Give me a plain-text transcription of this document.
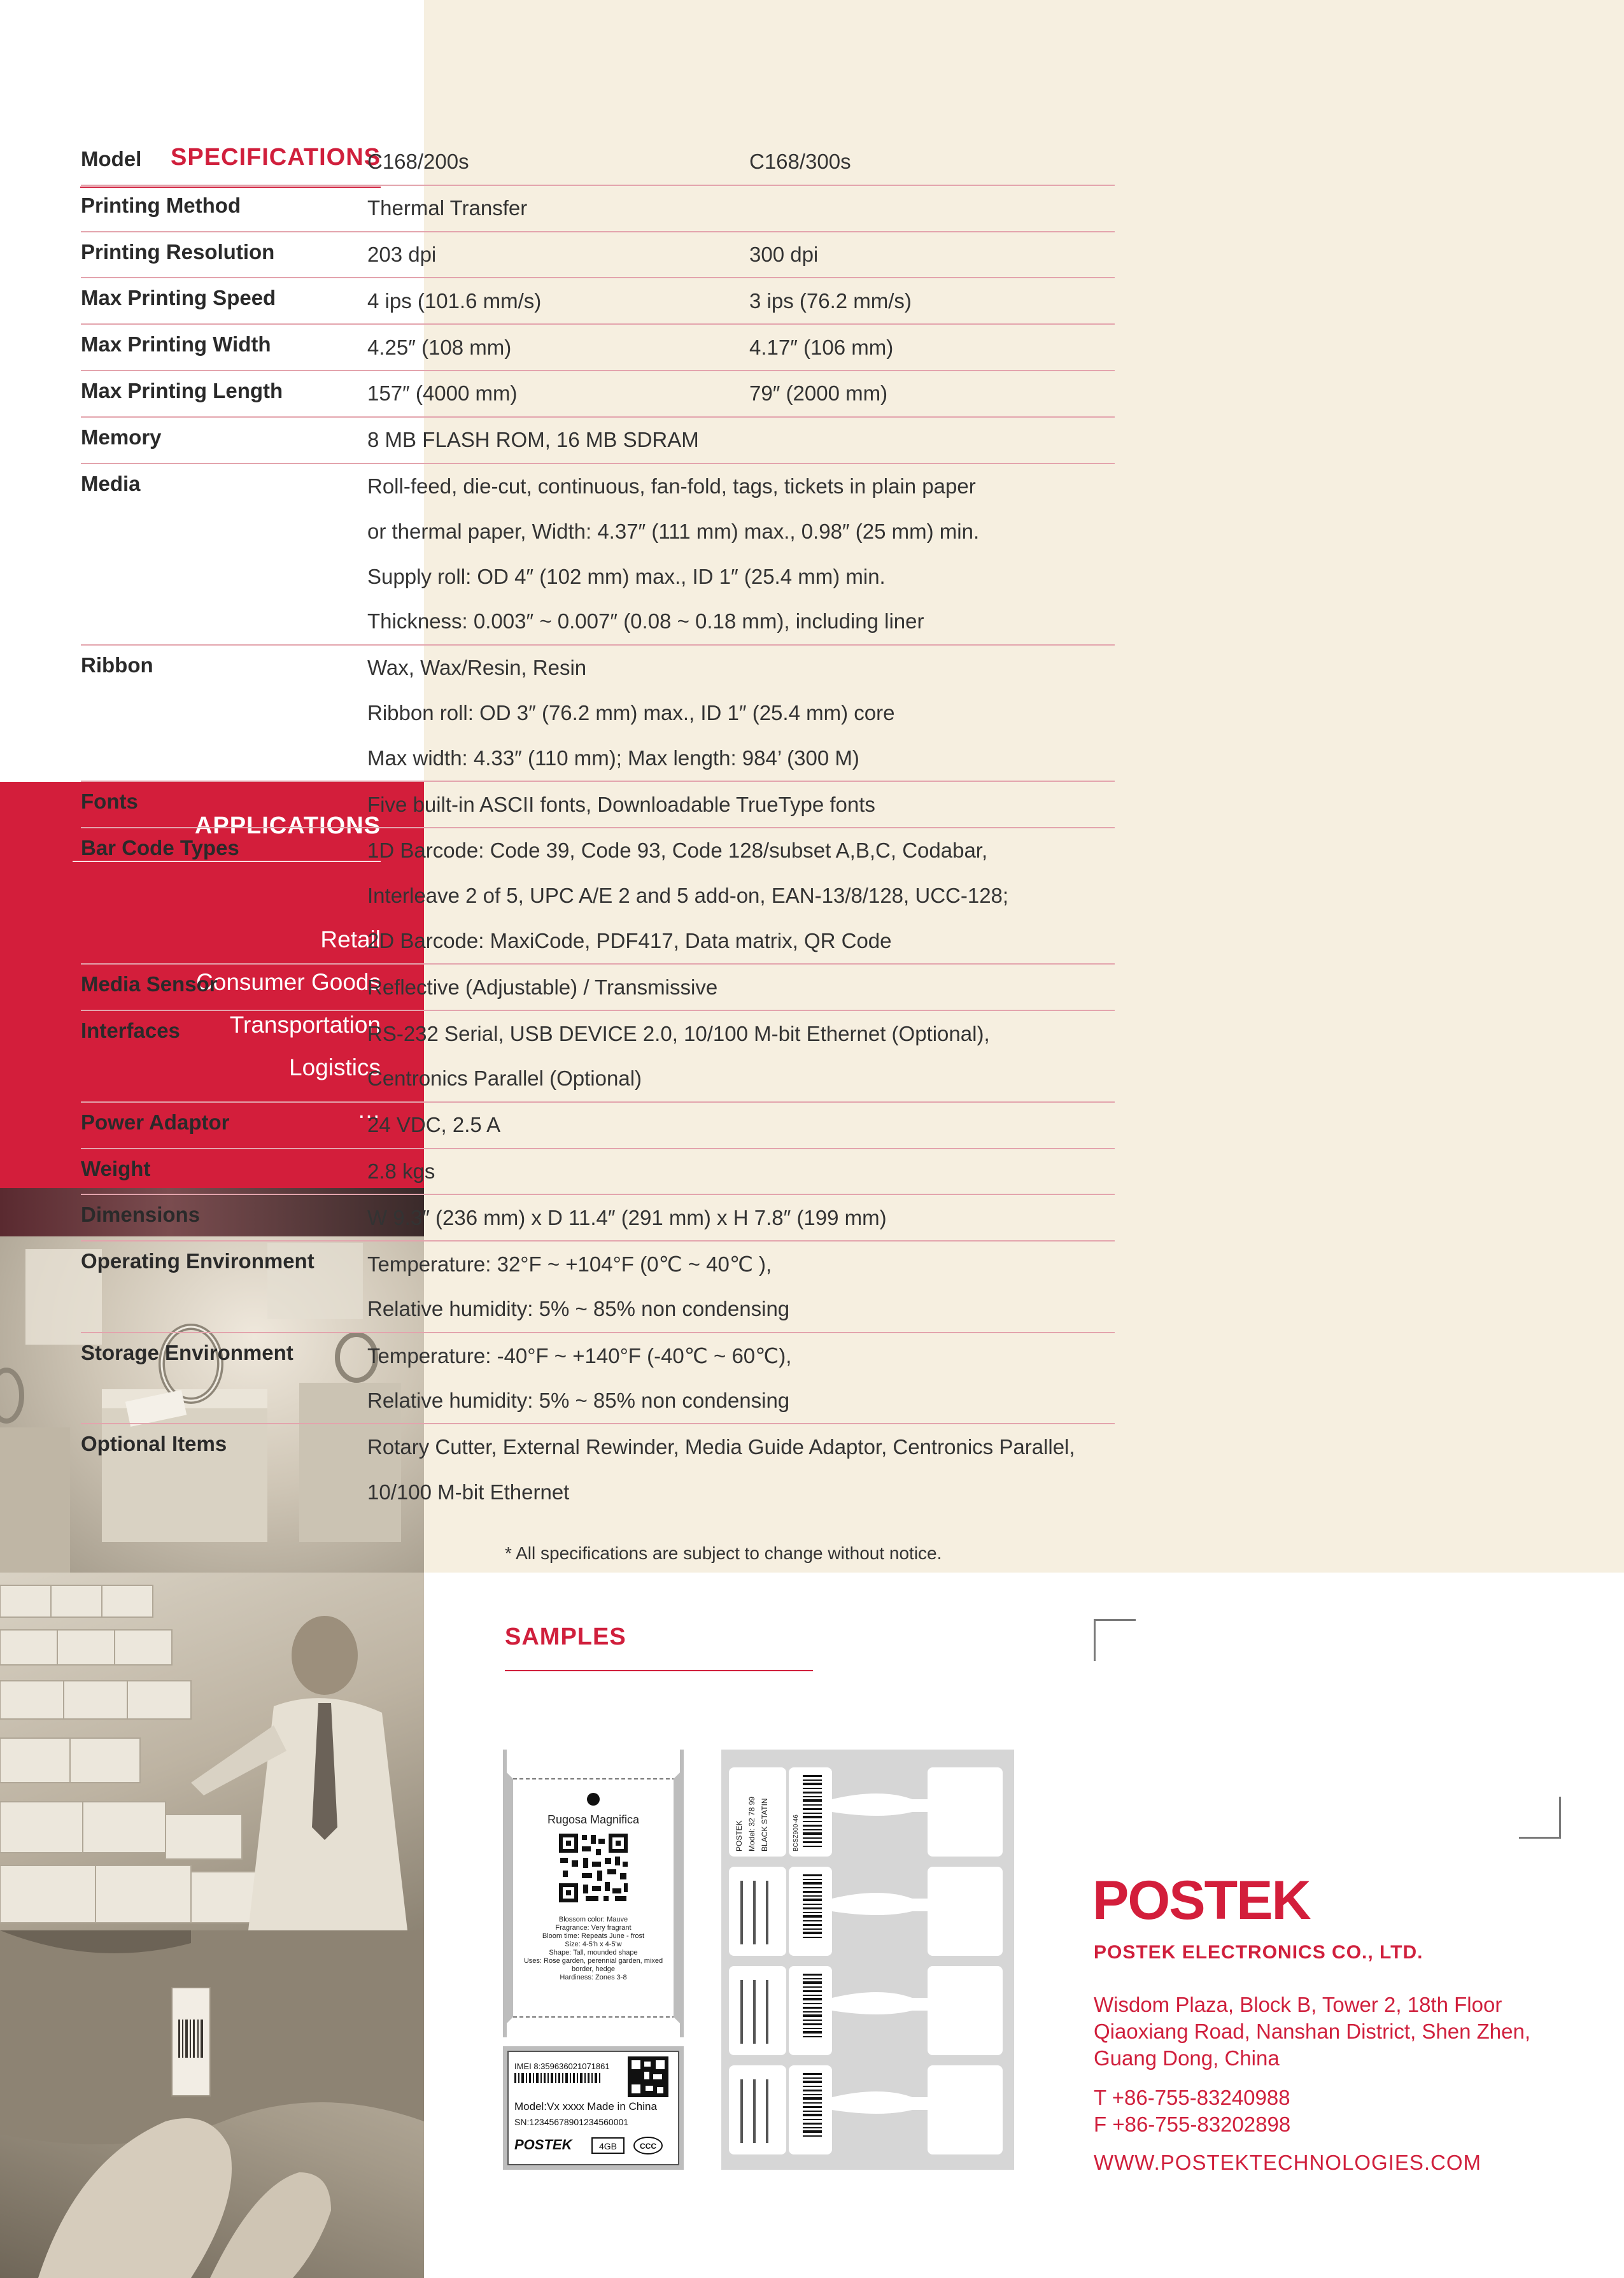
SPECIFICATIONS
APPLICATIONS
Retail
Consumer Goods
Transportation
Logistics
…
Model	C168/200s	C168/300s
Printing Method	Thermal Transfer
Printing Resolution	203 dpi	300 dpi
Max Printing Speed	4 ips (101.6 mm/s)	3 ips (76.2 mm/s)
Max Printing Width	4.25″ (108 mm)	4.17″ (106 mm)
Max Printing Length	157″ (4000 mm)	79″ (2000 mm)
Memory	8 MB FLASH ROM, 16 MB SDRAM
Media	Roll-feed, die-cut, continuous, fan-fold, tags, tickets in plain paper
or thermal paper, Width: 4.37″ (111 mm) max., 0.98″ (25 mm) min.
Supply roll: OD 4″ (102 mm) max., ID 1″ (25.4 mm) min.
Thickness: 0.003″ ~ 0.007″ (0.08 ~ 0.18 mm), including liner
Ribbon	Wax, Wax/Resin, Resin
Ribbon roll: OD 3″ (76.2 mm) max., ID 1″ (25.4 mm) core
Max width: 4.33″ (110 mm); Max length: 984’ (300 M)
Fonts	Five built-in ASCII fonts, Downloadable TrueType fonts
Bar Code Types	1D Barcode: Code 39, Code 93, Code 128/subset A,B,C, Codabar,
Interleave 2 of 5, UPC A/E 2 and 5 add-on, EAN-13/8/128, UCC-128;
2D Barcode: MaxiCode, PDF417, Data matrix, QR Code
Media Sensor	Reflective (Adjustable) / Transmissive
Interfaces	RS-232 Serial, USB DEVICE 2.0, 10/100 M-bit Ethernet (Optional),
Centronics Parallel (Optional)
Power Adaptor	24 VDC, 2.5 A
Weight	2.8 kgs
Dimensions	W 9.3″ (236 mm) x D 11.4″ (291 mm) x H 7.8″ (199 mm)
Operating Environment	Temperature: 32°F ~ +104°F (0℃ ~ 40℃ ),
Relative humidity: 5% ~ 85% non condensing
Storage Environment	Temperature: -40°F ~ +140°F (-40℃ ~ 60℃),
Relative humidity: 5% ~ 85% non condensing
Optional Items	Rotary Cutter, External Rewinder, Media Guide Adaptor, Centronics Parallel,
10/100 M-bit Ethernet
* All specifications are subject to change without notice.
SAMPLES
Rugosa Magnifica
Blossom color: Mauve
Fragrance: Very fragrant
Bloom time: Repeats June - frost
Size: 4-5'h x 4-5'w
Shape: Tall, mounded shape
Uses: Rose garden, perennial garden, mixed
border, hedge
Hardiness: Zones 3-8
IMEI 8:359636021071861
Model:Vx xxxx Made in China
SN:12345678901234560001
POSTEK	4GB	CCC
POSTEK Model: 32 78 99 BLACK STATIN	BCSZ900-46
POSTEK
POSTEK ELECTRONICS CO., LTD.
Wisdom Plaza, Block B, Tower 2, 18th Floor
Qiaoxiang Road, Nanshan District, Shen Zhen,
Guang Dong, China
T +86-755-83240988
F +86-755-83202898
WWW.POSTEKTECHNOLOGIES.COM
